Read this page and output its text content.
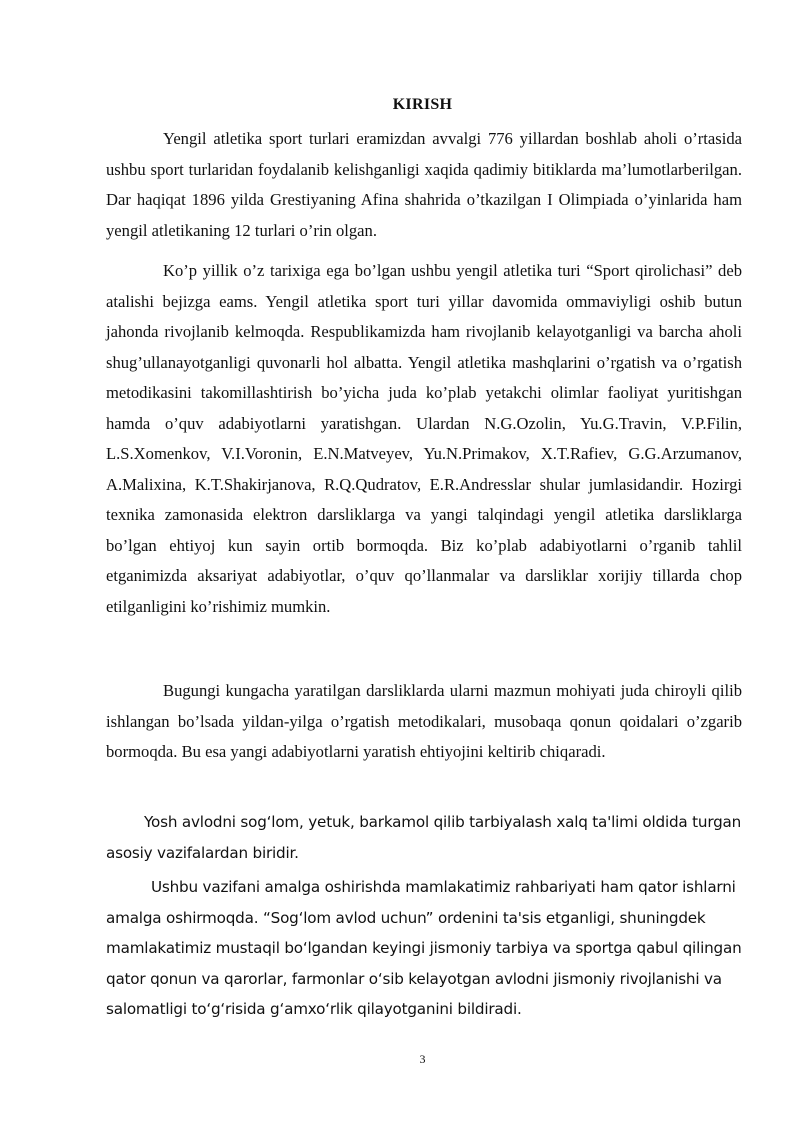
KIRISH

Yengil atletika sport turlari eramizdan avvalgi 776 yillardan boshlab aholi o’rtasida ushbu sport turlaridan foydalanib kelishganligi xaqida qadimiy bitiklarda ma’lumotlarberilgan. Dar haqiqat 1896 yilda Grestiyaning Afina shahrida o’tkazilgan I Olimpiada o’yinlarida ham yengil atletikaning 12 turlari o’rin olgan.

Ko’p yillik o’z tarixiga ega bo’lgan ushbu yengil atletika turi “Sport qirolichasi” deb atalishi bejizga eams. Yengil atletika sport turi yillar davomida ommaviyligi oshib butun jahonda rivojlanib kelmoqda. Respublikamizda ham rivojlanib kelayotganligi va barcha aholi shug’ullanayotganligi quvonarli hol albatta. Yengil atletika mashqlarini o’rgatish va o’rgatish metodikasini takomillashtirish bo’yicha juda ko’plab yetakchi olimlar faoliyat yuritishgan hamda o’quv adabiyotlarni yaratishgan. Ulardan N.G.Ozolin, Yu.G.Travin, V.P.Filin, L.S.Xomenkov, V.I.Voronin, E.N.Matveyev, Yu.N.Primakov, X.T.Rafiev, G.G.Arzumanov, A.Malixina, K.T.Shakirjanova, R.Q.Qudratov, E.R.Andresslar shular jumlasidandir. Hozirgi texnika zamonasida elektron darsliklarga va yangi talqindagi yengil atletika darsliklarga bo’lgan ehtiyoj kun sayin ortib bormoqda. Biz ko’plab adabiyotlarni o’rganib tahlil etganimizda aksariyat adabiyotlar, o’quv qo’llanmalar va darsliklar xorijiy tillarda chop etilganligini ko’rishimiz mumkin.

Bugungi kungacha yaratilgan darsliklarda ularni mazmun mohiyati juda chiroyli qilib ishlangan bo’lsada yildan-yilga o’rgatish metodikalari, musobaqa qonun qoidalari o’zgarib bormoqda. Bu esa yangi adabiyotlarni yaratish ehtiyojini keltirib chiqaradi.

Yosh avlodni sog‘lom, yetuk, barkamol qilib tarbiyalash xalq ta'limi oldida turgan asosiy vazifalardan biridir.

Ushbu vazifani amalga oshirishda mamlakatimiz rahbariyati ham qator ishlarni amalga oshirmoqda. “Sog‘lom avlod uchun” ordenini ta'sis etganligi, shuningdek mamlakatimiz mustaqil bo‘lgandan keyingi jismoniy tarbiya va sportga qabul qilingan qator qonun va qarorlar, farmonlar o‘sib kelayotgan avlodni jismoniy rivojlanishi va salomatligi to‘g‘risida g‘amxo‘rlik qilayotganini bildiradi.

3
